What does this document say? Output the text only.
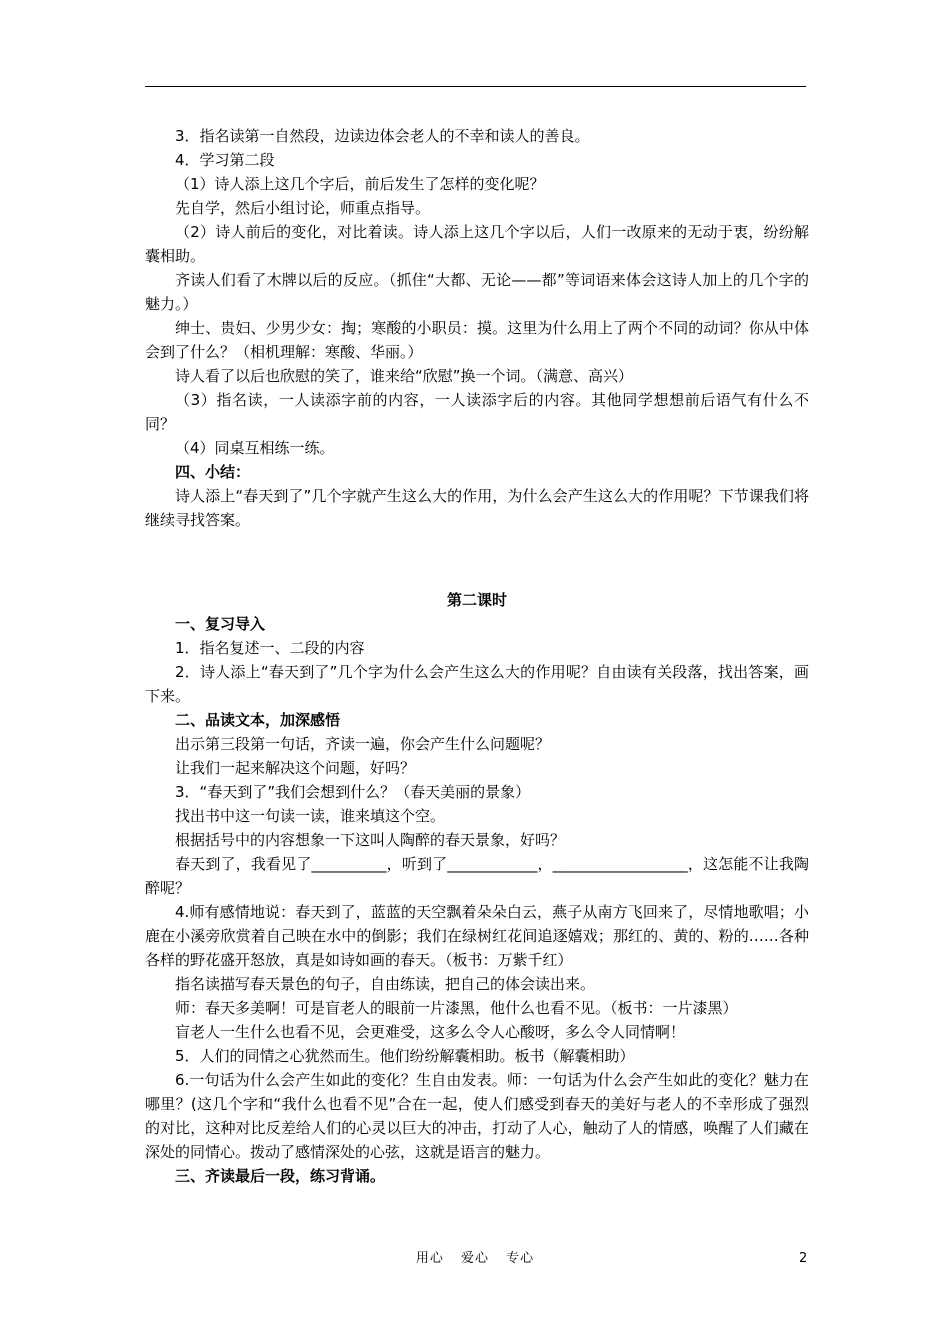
3．指名读第一自然段，边读边体会老人的不幸和读人的善良。

4．学习第二段

（1）诗人添上这几个字后，前后发生了怎样的变化呢？

先自学，然后小组讨论，师重点指导。

（2）诗人前后的变化，对比着读。诗人添上这几个字以后，人们一改原来的无动于衷，纷纷解囊相助。

齐读人们看了木牌以后的反应。（抓住“大都、无论——都”等词语来体会这诗人加上的几个字的魅力。）

绅士、贵妇、少男少女：掏；寒酸的小职员：摸。这里为什么用上了两个不同的动词？你从中体会到了什么？（相机理解：寒酸、华丽。）

诗人看了以后也欣慰的笑了，谁来给“欣慰”换一个词。（满意、高兴）

（3）指名读，一人读添字前的内容，一人读添字后的内容。其他同学想想前后语气有什么不同？

（4）同桌互相练一练。

四、小结：

诗人添上“春天到了”几个字就产生这么大的作用，为什么会产生这么大的作用呢？下节课我们将继续寻找答案。

第二课时

一、复习导入

1．指名复述一、二段的内容

2．诗人添上“春天到了”几个字为什么会产生这么大的作用呢？自由读有关段落，找出答案，画下来。

二、品读文本，加深感悟

出示第三段第一句话，齐读一遍，你会产生什么问题呢？

让我们一起来解决这个问题，好吗？

3．“春天到了”我们会想到什么？（春天美丽的景象）

找出书中这一句读一读，谁来填这个空。

根据括号中的内容想象一下这叫人陶醉的春天景象，好吗？

春天到了，我看见了__________，听到了____________，__________________，这怎能不让我陶醉呢？

4.师有感情地说：春天到了，蓝蓝的天空飘着朵朵白云，燕子从南方飞回来了，尽情地歌唱；小鹿在小溪旁欣赏着自己映在水中的倒影；我们在绿树红花间追逐嬉戏；那红的、黄的、粉的……各种各样的野花盛开怒放，真是如诗如画的春天。（板书：万紫千红）

指名读描写春天景色的句子，自由练读，把自己的体会读出来。

师：春天多美啊！可是盲老人的眼前一片漆黑，他什么也看不见。（板书：一片漆黑）

盲老人一生什么也看不见，会更难受，这多么令人心酸呀，多么令人同情啊！

5．人们的同情之心犹然而生。他们纷纷解囊相助。板书（解囊相助）

6.一句话为什么会产生如此的变化？生自由发表。师：一句话为什么会产生如此的变化？魅力在哪里？(这几个字和“我什么也看不见”合在一起，使人们感受到春天的美好与老人的不幸形成了强烈的对比，这种对比反差给人们的心灵以巨大的冲击，打动了人心，触动了人的情感，唤醒了人们藏在深处的同情心。拨动了感情深处的心弦，这就是语言的魅力。

三、齐读最后一段，练习背诵。

用心 爱心 专心	2
